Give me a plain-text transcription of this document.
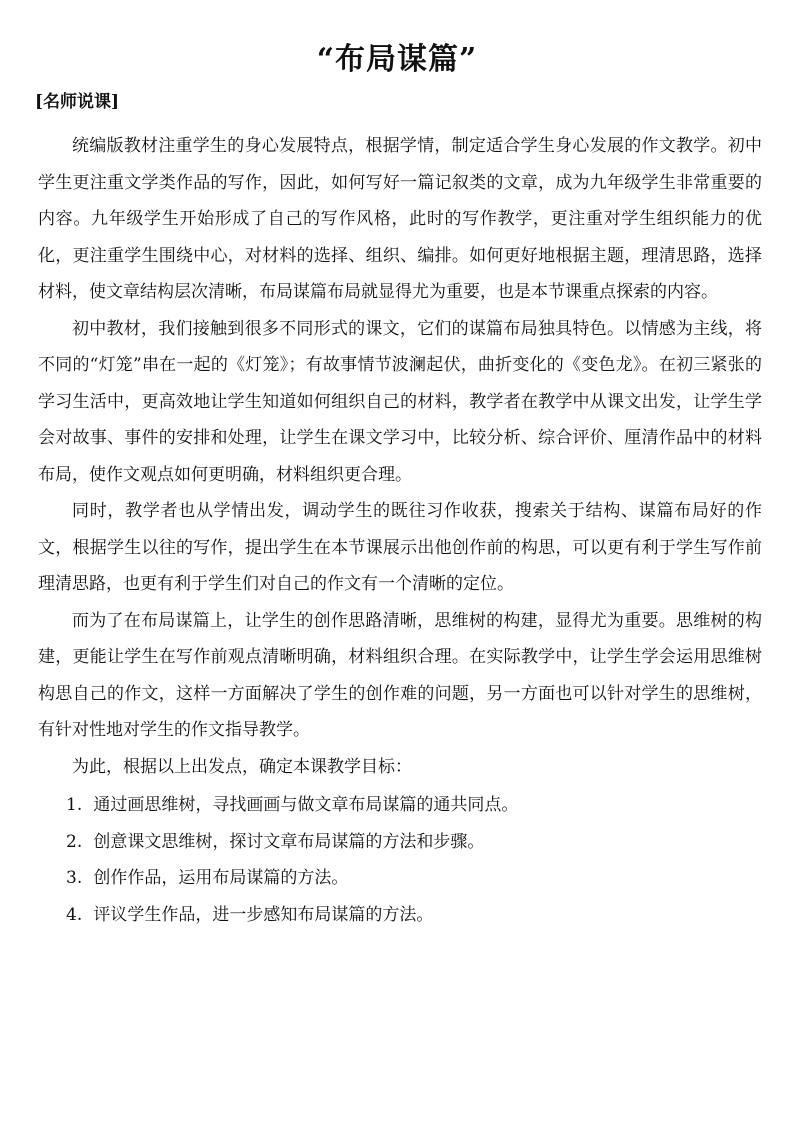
“布局谋篇”
[名师说课]

统编版教材注重学生的身心发展特点，根据学情，制定适合学生身心发展的作文教学。初中学生更注重文学类作品的写作，因此，如何写好一篇记叙类的文章，成为九年级学生非常重要的内容。九年级学生开始形成了自己的写作风格，此时的写作教学，更注重对学生组织能力的优化，更注重学生围绕中心，对材料的选择、组织、编排。如何更好地根据主题，理清思路，选择材料，使文章结构层次清晰，布局谋篇布局就显得尤为重要，也是本节课重点探索的内容。

初中教材，我们接触到很多不同形式的课文，它们的谋篇布局独具特色。以情感为主线，将不同的“灯笼”串在一起的《灯笼》；有故事情节波澜起伏，曲折变化的《变色龙》。在初三紧张的学习生活中，更高效地让学生知道如何组织自己的材料，教学者在教学中从课文出发，让学生学会对故事、事件的安排和处理，让学生在课文学习中，比较分析、综合评价、厘清作品中的材料布局，使作文观点如何更明确，材料组织更合理。

同时，教学者也从学情出发，调动学生的既往习作收获，搜索关于结构、谋篇布局好的作文，根据学生以往的写作，提出学生在本节课展示出他创作前的构思，可以更有利于学生写作前理清思路，也更有利于学生们对自己的作文有一个清晰的定位。

而为了在布局谋篇上，让学生的创作思路清晰，思维树的构建，显得尤为重要。思维树的构建，更能让学生在写作前观点清晰明确，材料组织合理。在实际教学中，让学生学会运用思维树构思自己的作文，这样一方面解决了学生的创作难的问题，另一方面也可以针对学生的思维树，有针对性地对学生的作文指导教学。

为此，根据以上出发点，确定本课教学目标：

1. 通过画思维树，寻找画画与做文章布局谋篇的通共同点。
2. 创意课文思维树，探讨文章布局谋篇的方法和步骤。
3. 创作作品，运用布局谋篇的方法。
4. 评议学生作品，进一步感知布局谋篇的方法。
